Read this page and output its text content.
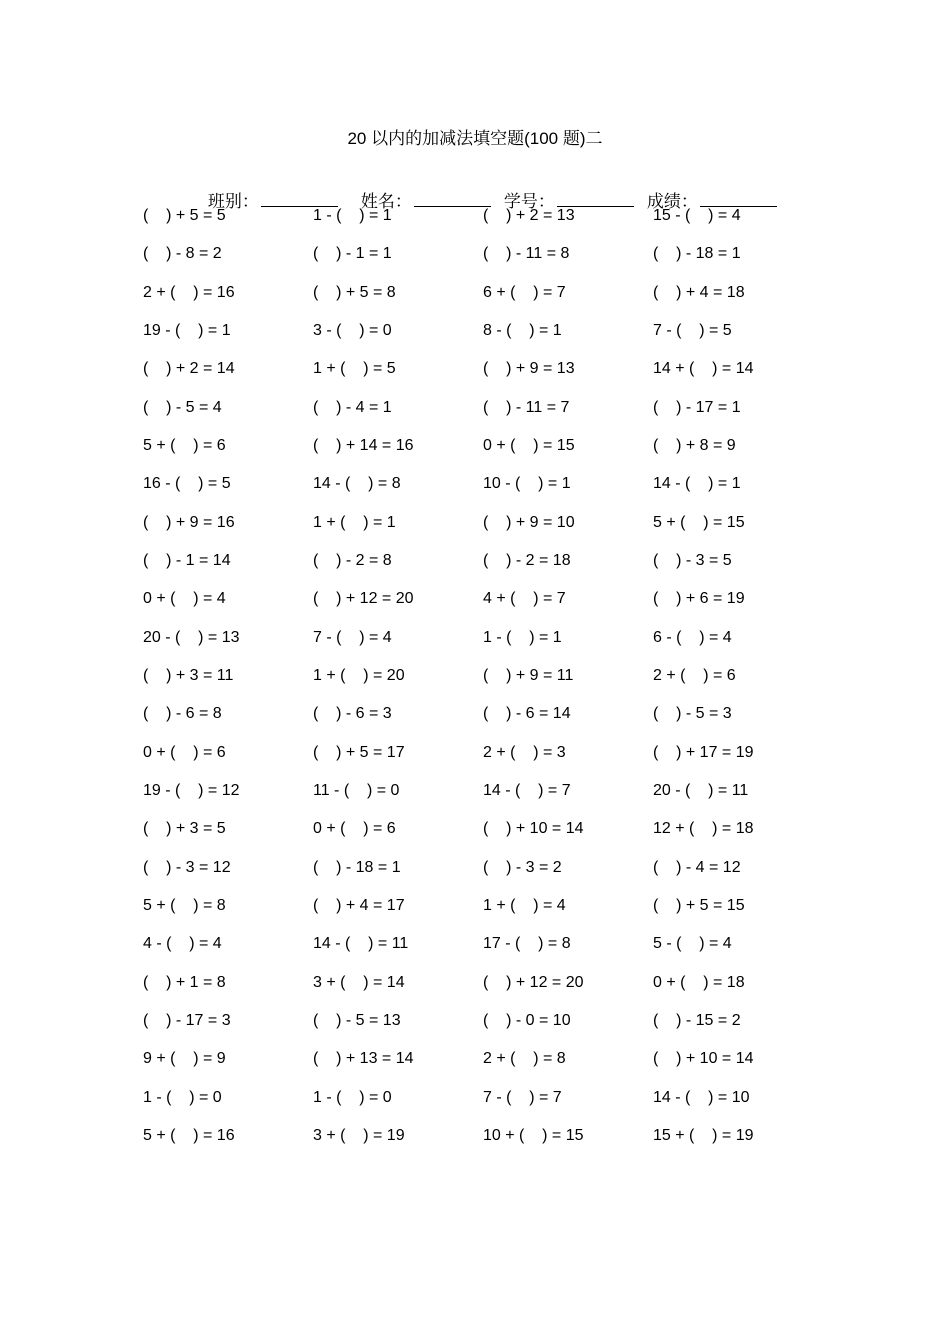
20 以内的加减法填空题(100 题)二

班别：
	姓名：
	学号：
	成绩：

(    ) + 5 = 5	1 - (    ) = 1	(    ) + 2 = 13	15 - (    ) = 4
(    ) - 8 = 2	(    ) - 1 = 1	(    ) - 11 = 8	(    ) - 18 = 1
2 + (    ) = 16	(    ) + 5 = 8	6 + (    ) = 7	(    ) + 4 = 18
19 - (    ) = 1	3 - (    ) = 0	8 - (    ) = 1	7 - (    ) = 5
(    ) + 2 = 14	1 + (    ) = 5	(    ) + 9 = 13	14 + (    ) = 14
(    ) - 5 = 4	(    ) - 4 = 1	(    ) - 11 = 7	(    ) - 17 = 1
5 + (    ) = 6	(    ) + 14 = 16	0 + (    ) = 15	(    ) + 8 = 9
16 - (    ) = 5	14 - (    ) = 8	10 - (    ) = 1	14 - (    ) = 1
(    ) + 9 = 16	1 + (    ) = 1	(    ) + 9 = 10	5 + (    ) = 15
(    ) - 1 = 14	(    ) - 2 = 8	(    ) - 2 = 18	(    ) - 3 = 5
0 + (    ) = 4	(    ) + 12 = 20	4 + (    ) = 7	(    ) + 6 = 19
20 - (    ) = 13	7 - (    ) = 4	1 - (    ) = 1	6 - (    ) = 4
(    ) + 3 = 11	1 + (    ) = 20	(    ) + 9 = 11	2 + (    ) = 6
(    ) - 6 = 8	(    ) - 6 = 3	(    ) - 6 = 14	(    ) - 5 = 3
0 + (    ) = 6	(    ) + 5 = 17	2 + (    ) = 3	(    ) + 17 = 19
19 - (    ) = 12	11 - (    ) = 0	14 - (    ) = 7	20 - (    ) = 11
(    ) + 3 = 5	0 + (    ) = 6	(    ) + 10 = 14	12 + (    ) = 18
(    ) - 3 = 12	(    ) - 18 = 1	(    ) - 3 = 2	(    ) - 4 = 12
5 + (    ) = 8	(    ) + 4 = 17	1 + (    ) = 4	(    ) + 5 = 15
4 - (    ) = 4	14 - (    ) = 11	17 - (    ) = 8	5 - (    ) = 4
(    ) + 1 = 8	3 + (    ) = 14	(    ) + 12 = 20	0 + (    ) = 18
(    ) - 17 = 3	(    ) - 5 = 13	(    ) - 0 = 10	(    ) - 15 = 2
9 + (    ) = 9	(    ) + 13 = 14	2 + (    ) = 8	(    ) + 10 = 14
1 - (    ) = 0	1 - (    ) = 0	7 - (    ) = 7	14 - (    ) = 10
5 + (    ) = 16	3 + (    ) = 19	10 + (    ) = 15	15 + (    ) = 19
